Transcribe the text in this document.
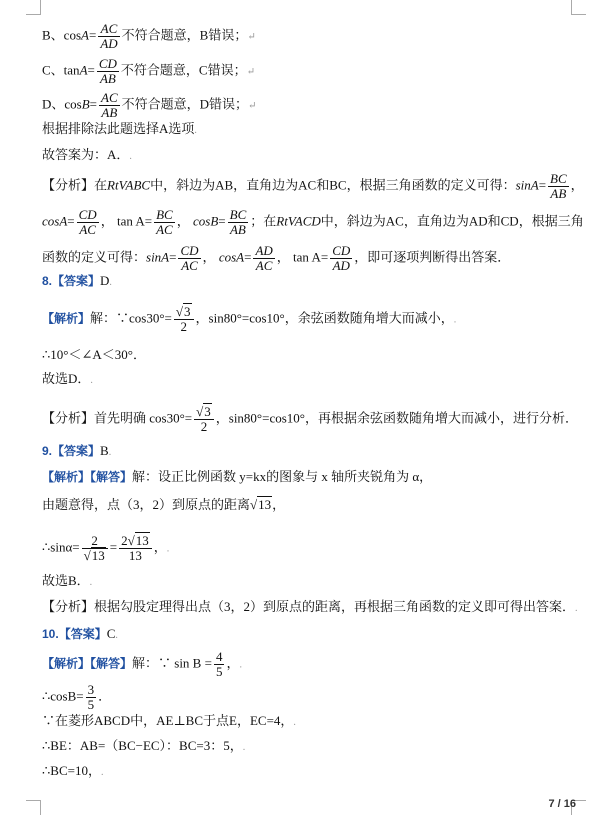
B、$\cos A= \frac{AC}{AD}$ 不符合题意，B错误；↵
C、$\tan A= \frac{CD}{AB}$ 不符合题意，C错误；↵
D、$\cos B= \frac{AC}{AB}$ 不符合题意，D错误；↵
根据排除法此题选择A选项.
故答案为：A．.
【分析】在RtVABC中，斜边为AB，直角边为AC和BC，根据三角函数的定义可得：$\sin A= \frac{BC}{AB}$ ，
$\cos A= \frac{CD}{AC}$ ， $\tan A= \frac{BC}{AC}$ ， $\cos B= \frac{BC}{AB}$ ；在RtVACD中，斜边为AC，直角边为AD和CD，根据三角
函数的定义可得：$\sin A= \frac{CD}{AC}$ ， $\cos A= \frac{AD}{AC}$ ， $\tan A= \frac{CD}{AD}$ ，即可逐项判断得出答案．
8.【答案】D.
【解析】解：∵cos30°= $\frac{√3}{2}$ ，sin80°=cos10°，余弦函数随角增大而减小，.
∴10°＜∠A＜30°．
故选D．.
【分析】首先明确 $\cos 30^\circ= \frac{√3}{2}$ ，sin80°=cos10°，再根据余弦函数随角增大而减小，进行分析．
9.【答案】B.
【解析】【解答】解：设正比例函数 y=kx的图象与 x 轴所夹锐角为 α，
由题意得，点（3，2）到原点的距离√13，
∴sinα= $\frac{2}{√13} = \frac{2√13}{13}$ ，.
故选B．.
【分析】根据勾股定理得出点（3，2）到原点的距离，再根据三角函数的定义即可得出答案．.
10.【答案】C.
【解析】【解答】解：∵ $\sin B = \frac{4}{5}$ ，.
∴cosB= $\frac{3}{5}$ ．
∵在菱形ABCD中，AE⊥BC于点E，EC=4，.
∴BE：AB=（BC−EC）：BC=3：5，.
∴BC=10，.
7 / 16
